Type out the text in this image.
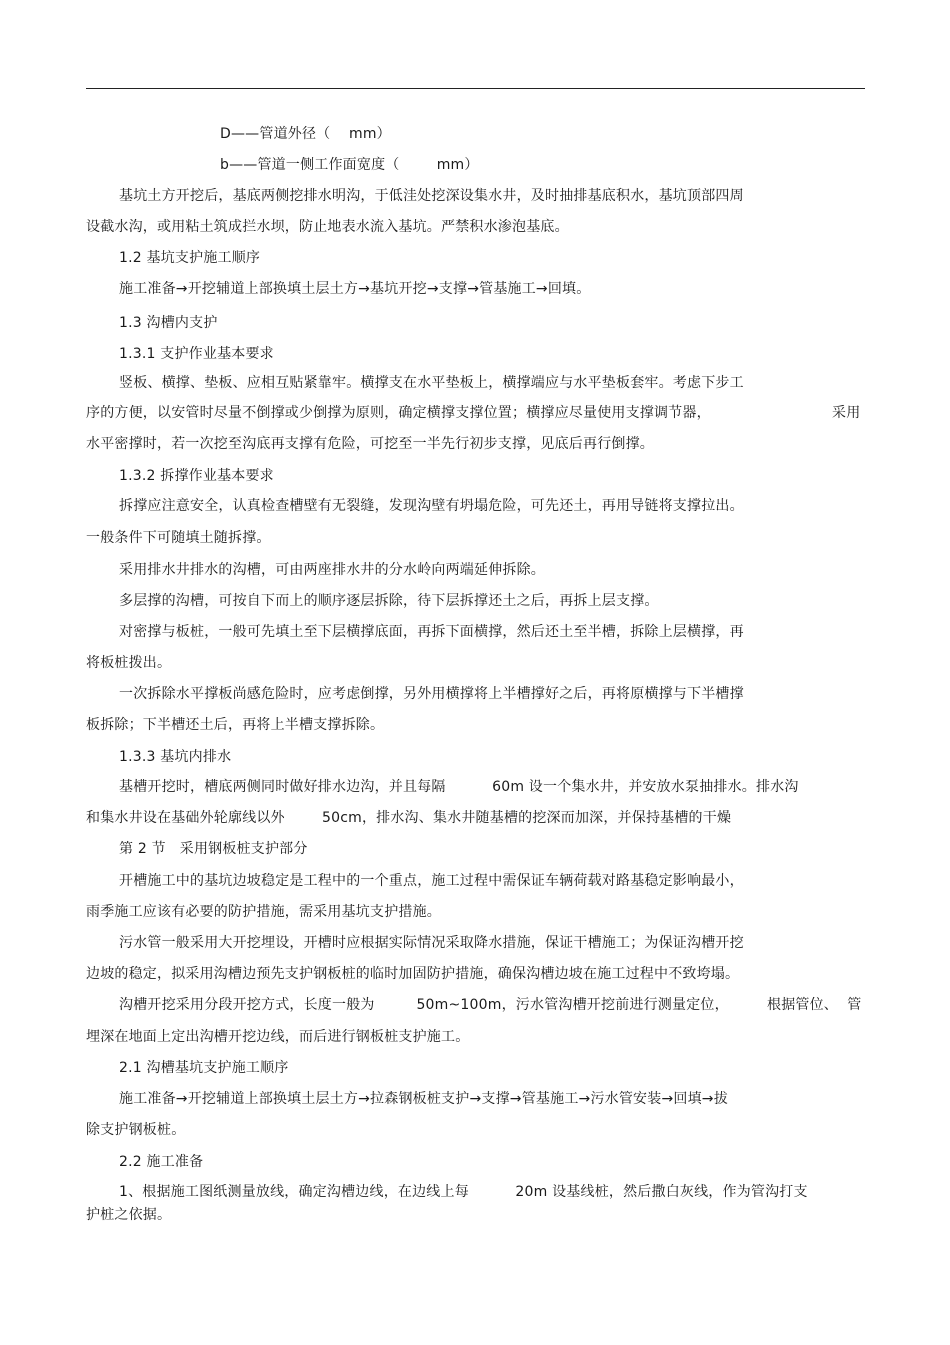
D——管道外径（    mm）
b——管道一侧工作面宽度（        mm）
基坑土方开挖后，基底两侧挖排水明沟，于低洼处挖深设集水井，及时抽排基底积水，基坑顶部四周
设截水沟，或用粘土筑成拦水坝，防止地表水流入基坑。严禁积水渗泡基底。
1.2 基坑支护施工顺序
施工准备→开挖辅道上部换填土层土方→基坑开挖→支撑→管基施工→回填。
1.3 沟槽内支护
1.3.1 支护作业基本要求
竖板、横撑、垫板、应相互贴紧靠牢。横撑支在水平垫板上，横撑端应与水平垫板套牢。考虑下步工
序的方便，以安管时尽量不倒撑或少倒撑为原则，确定横撑支撑位置；横撑应尽量使用支撑调节器，	采用
水平密撑时，若一次挖至沟底再支撑有危险，可挖至一半先行初步支撑，见底后再行倒撑。
1.3.2 拆撑作业基本要求
拆撑应注意安全，认真检查槽壁有无裂缝，发现沟壁有坍塌危险，可先还土，再用导链将支撑拉出。
一般条件下可随填土随拆撑。
采用排水井排水的沟槽，可由两座排水井的分水岭向两端延伸拆除。
多层撑的沟槽，可按自下而上的顺序逐层拆除，待下层拆撑还土之后，再拆上层支撑。
对密撑与板桩，一般可先填土至下层横撑底面，再拆下面横撑，然后还土至半槽，拆除上层横撑，再
将板桩拨出。
一次拆除水平撑板尚感危险时，应考虑倒撑，另外用横撑将上半槽撑好之后，再将原横撑与下半槽撑
板拆除；下半槽还土后，再将上半槽支撑拆除。
1.3.3 基坑内排水
基槽开挖时，槽底两侧同时做好排水边沟，并且每隔          60m 设一个集水井，并安放水泵抽排水。排水沟
和集水井设在基础外轮廓线以外        50cm，排水沟、集水井随基槽的挖深而加深，并保持基槽的干燥
第 2 节   采用钢板桩支护部分
开槽施工中的基坑边坡稳定是工程中的一个重点，施工过程中需保证车辆荷载对路基稳定影响最小，
雨季施工应该有必要的防护措施，需采用基坑支护措施。
污水管一般采用大开挖埋设，开槽时应根据实际情况采取降水措施，保证干槽施工；为保证沟槽开挖
边坡的稳定，拟采用沟槽边预先支护钢板桩的临时加固防护措施，确保沟槽边坡在施工过程中不致垮塌。
沟槽开挖采用分段开挖方式，长度一般为         50m~100m，污水管沟槽开挖前进行测量定位，	根据管位、  管
埋深在地面上定出沟槽开挖边线，而后进行钢板桩支护施工。
2.1 沟槽基坑支护施工顺序
施工准备→开挖辅道上部换填土层土方→拉森钢板桩支护→支撑→管基施工→污水管安装→回填→拔
除支护钢板桩。
2.2 施工准备
1、根据施工图纸测量放线，确定沟槽边线，在边线上每          20m 设基线桩，然后撒白灰线，作为管沟打支
护桩之依据。
